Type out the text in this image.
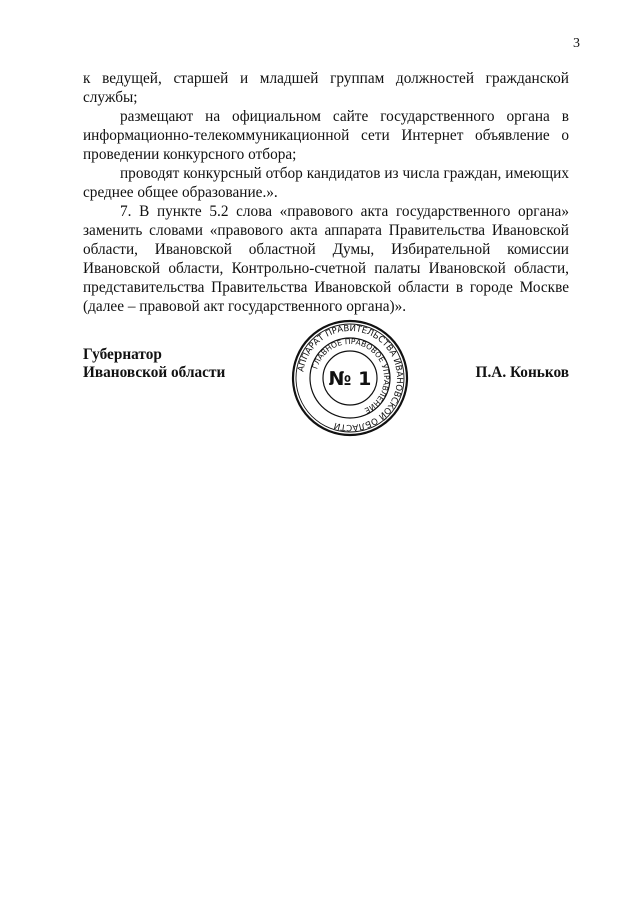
3

к ведущей, старшей и младшей группам должностей гражданской службы;

размещают на официальном сайте государственного органа в информационно-телекоммуникационной сети Интернет объявление о проведении конкурсного отбора;

проводят конкурсный отбор кандидатов из числа граждан, имеющих среднее общее образование.».

7. В пункте 5.2 слова «правового акта государственного органа» заменить словами «правового акта аппарата Правительства Ивановской области, Ивановской областной Думы, Избирательной комиссии Ивановской области, Контрольно-счетной палаты Ивановской области, представительства Правительства Ивановской области в городе Москве (далее – правовой акт государственного органа)».

Губернатор
Ивановской области	П.А. Коньков
АППАРАТ ПРАВИТЕЛЬСТВА ИВАНОВСКОЙ ОБЛАСТИ
ГЛАВНОЕ ПРАВОВОЕ УПРАВЛЕНИЕ
№ 1
